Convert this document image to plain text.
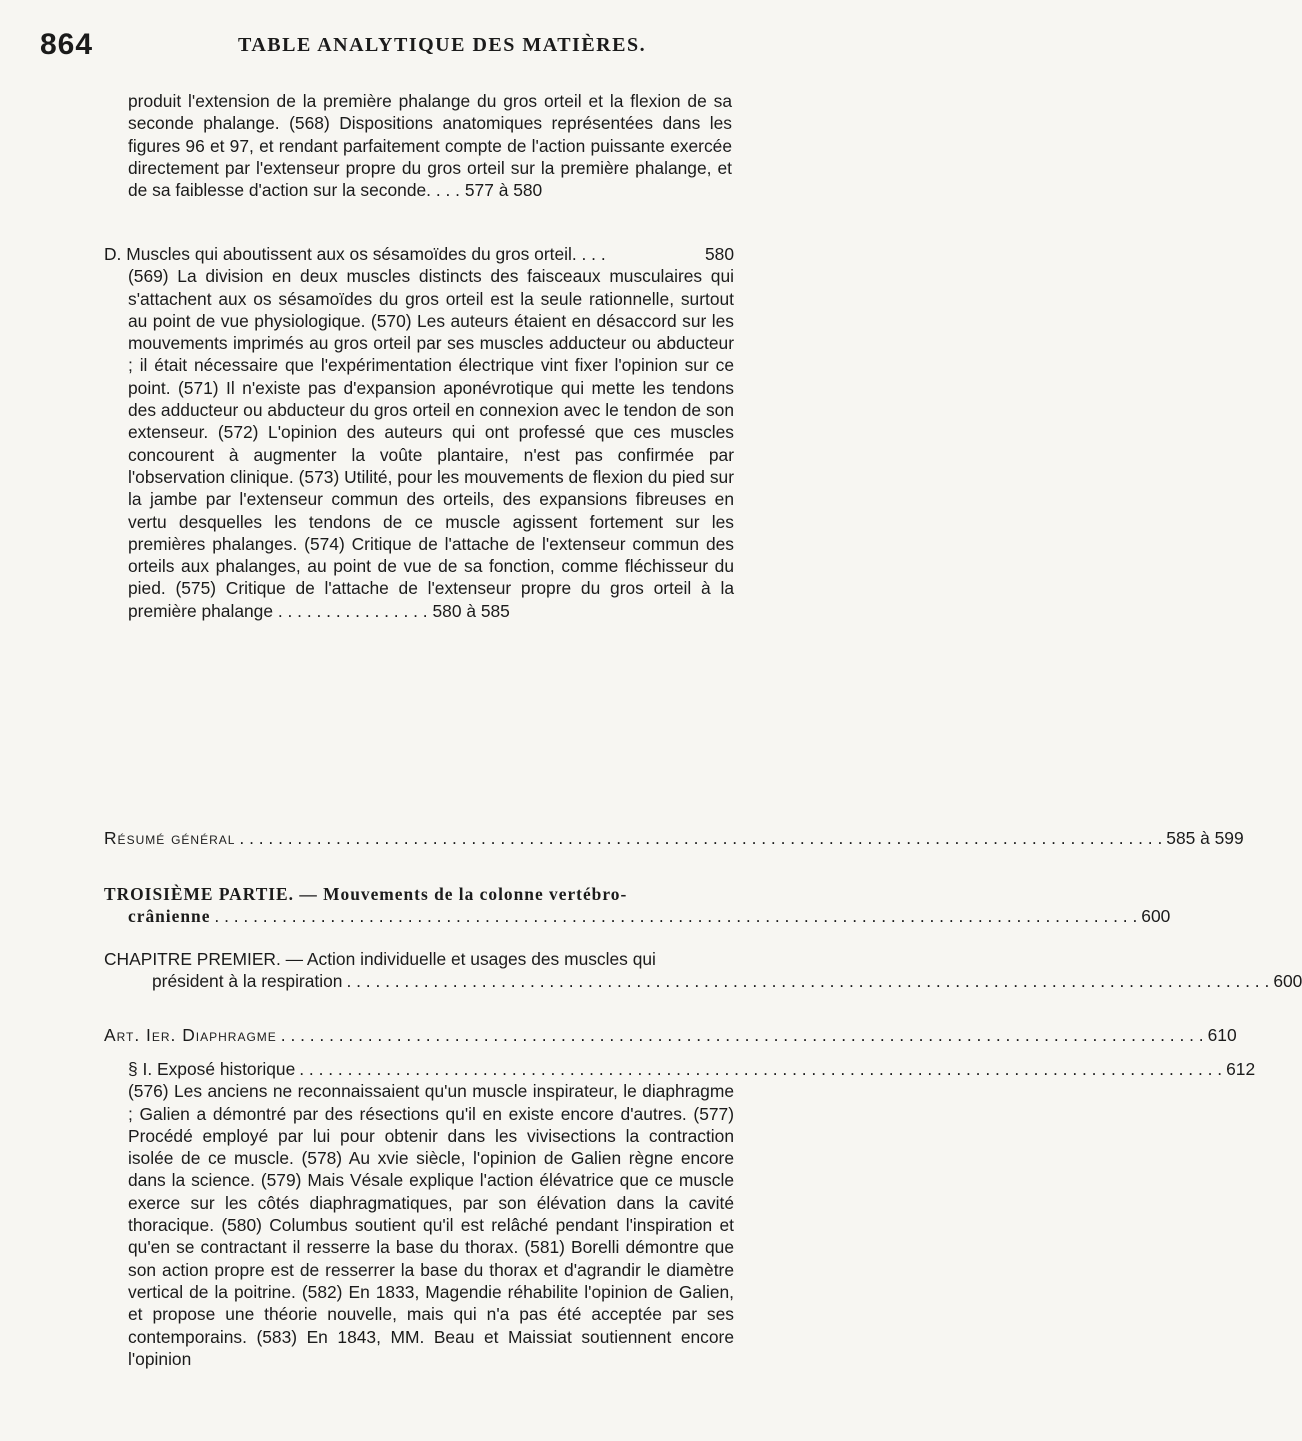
864	TABLE ANALYTIQUE DES MATIÈRES.

produit l'extension de la première phalange du gros orteil et la flexion de sa seconde phalange. (568) Dispositions anatomiques représentées dans les figures 96 et 97, et rendant parfaitement compte de l'action puissante exercée directement par l'extenseur propre du gros orteil sur la première phalange, et de sa faiblesse d'action sur la seconde. . . . 577 à 580

D. Muscles qui aboutissent aux os sésamoïdes du gros orteil. . . .	580

(569) La division en deux muscles distincts des faisceaux musculaires qui s'attachent aux os sésamoïdes du gros orteil est la seule rationnelle, surtout au point de vue physiologique. (570) Les auteurs étaient en désaccord sur les mouvements imprimés au gros orteil par ses muscles adducteur ou abducteur ; il était nécessaire que l'expérimentation électrique vint fixer l'opinion sur ce point. (571) Il n'existe pas d'expansion aponévrotique qui mette les tendons des adducteur ou abducteur du gros orteil en connexion avec le tendon de son extenseur. (572) L'opinion des auteurs qui ont professé que ces muscles concourent à augmenter la voûte plantaire, n'est pas confirmée par l'observation clinique. (573) Utilité, pour les mouvements de flexion du pied sur la jambe par l'extenseur commun des orteils, des expansions fibreuses en vertu desquelles les tendons de ce muscle agissent fortement sur les premières phalanges. (574) Critique de l'attache de l'extenseur commun des orteils aux phalanges, au point de vue de sa fonction, comme fléchisseur du pied. (575) Critique de l'attache de l'extenseur propre du gros orteil à la première phalange . . . . . . . . . . . . . . . . 580 à 585

Résumé général . . . . . . . . . . . . . . . . . . . . . . . . . . . . . . . . . . . . . . . . . . . . . . . . . . . . . . . . . . . . . . . . . . . . . . . . . . . . . . . . . . . . . . . . . . . . . . . . 585 à 599
TROISIÈME PARTIE. — Mouvements de la colonne vertébro-
crânienne . . . . . . . . . . . . . . . . . . . . . . . . . . . . . . . . . . . . . . . . . . . . . . . . . . . . . . . . . . . . . . . . . . . . . . . . . . . . . . . . . . . . . . . . . . . . . . . . 600
CHAPITRE PREMIER. — Action individuelle et usages des muscles qui
président à la respiration . . . . . . . . . . . . . . . . . . . . . . . . . . . . . . . . . . . . . . . . . . . . . . . . . . . . . . . . . . . . . . . . . . . . . . . . . . . . . . . . . . . . . . . . . . . . . . . . 600
Art. Ier. Diaphragme . . . . . . . . . . . . . . . . . . . . . . . . . . . . . . . . . . . . . . . . . . . . . . . . . . . . . . . . . . . . . . . . . . . . . . . . . . . . . . . . . . . . . . . . . . . . . . . . 610
§ I. Exposé historique . . . . . . . . . . . . . . . . . . . . . . . . . . . . . . . . . . . . . . . . . . . . . . . . . . . . . . . . . . . . . . . . . . . . . . . . . . . . . . . . . . . . . . . . . . . . . . . . 612

(576) Les anciens ne reconnaissaient qu'un muscle inspirateur, le diaphragme ; Galien a démontré par des résections qu'il en existe encore d'autres. (577) Procédé employé par lui pour obtenir dans les vivisections la contraction isolée de ce muscle. (578) Au xvie siècle, l'opinion de Galien règne encore dans la science. (579) Mais Vésale explique l'action élévatrice que ce muscle exerce sur les côtés diaphragmatiques, par son élévation dans la cavité thoracique. (580) Columbus soutient qu'il est relâché pendant l'inspiration et qu'en se contractant il resserre la base du thorax. (581) Borelli démontre que son action propre est de resserrer la base du thorax et d'agrandir le diamètre vertical de la poitrine. (582) En 1833, Magendie réhabilite l'opinion de Galien, et propose une théorie nouvelle, mais qui n'a pas été acceptée par ses contemporains. (583) En 1843, MM. Beau et Maissiat soutiennent encore l'opinion
